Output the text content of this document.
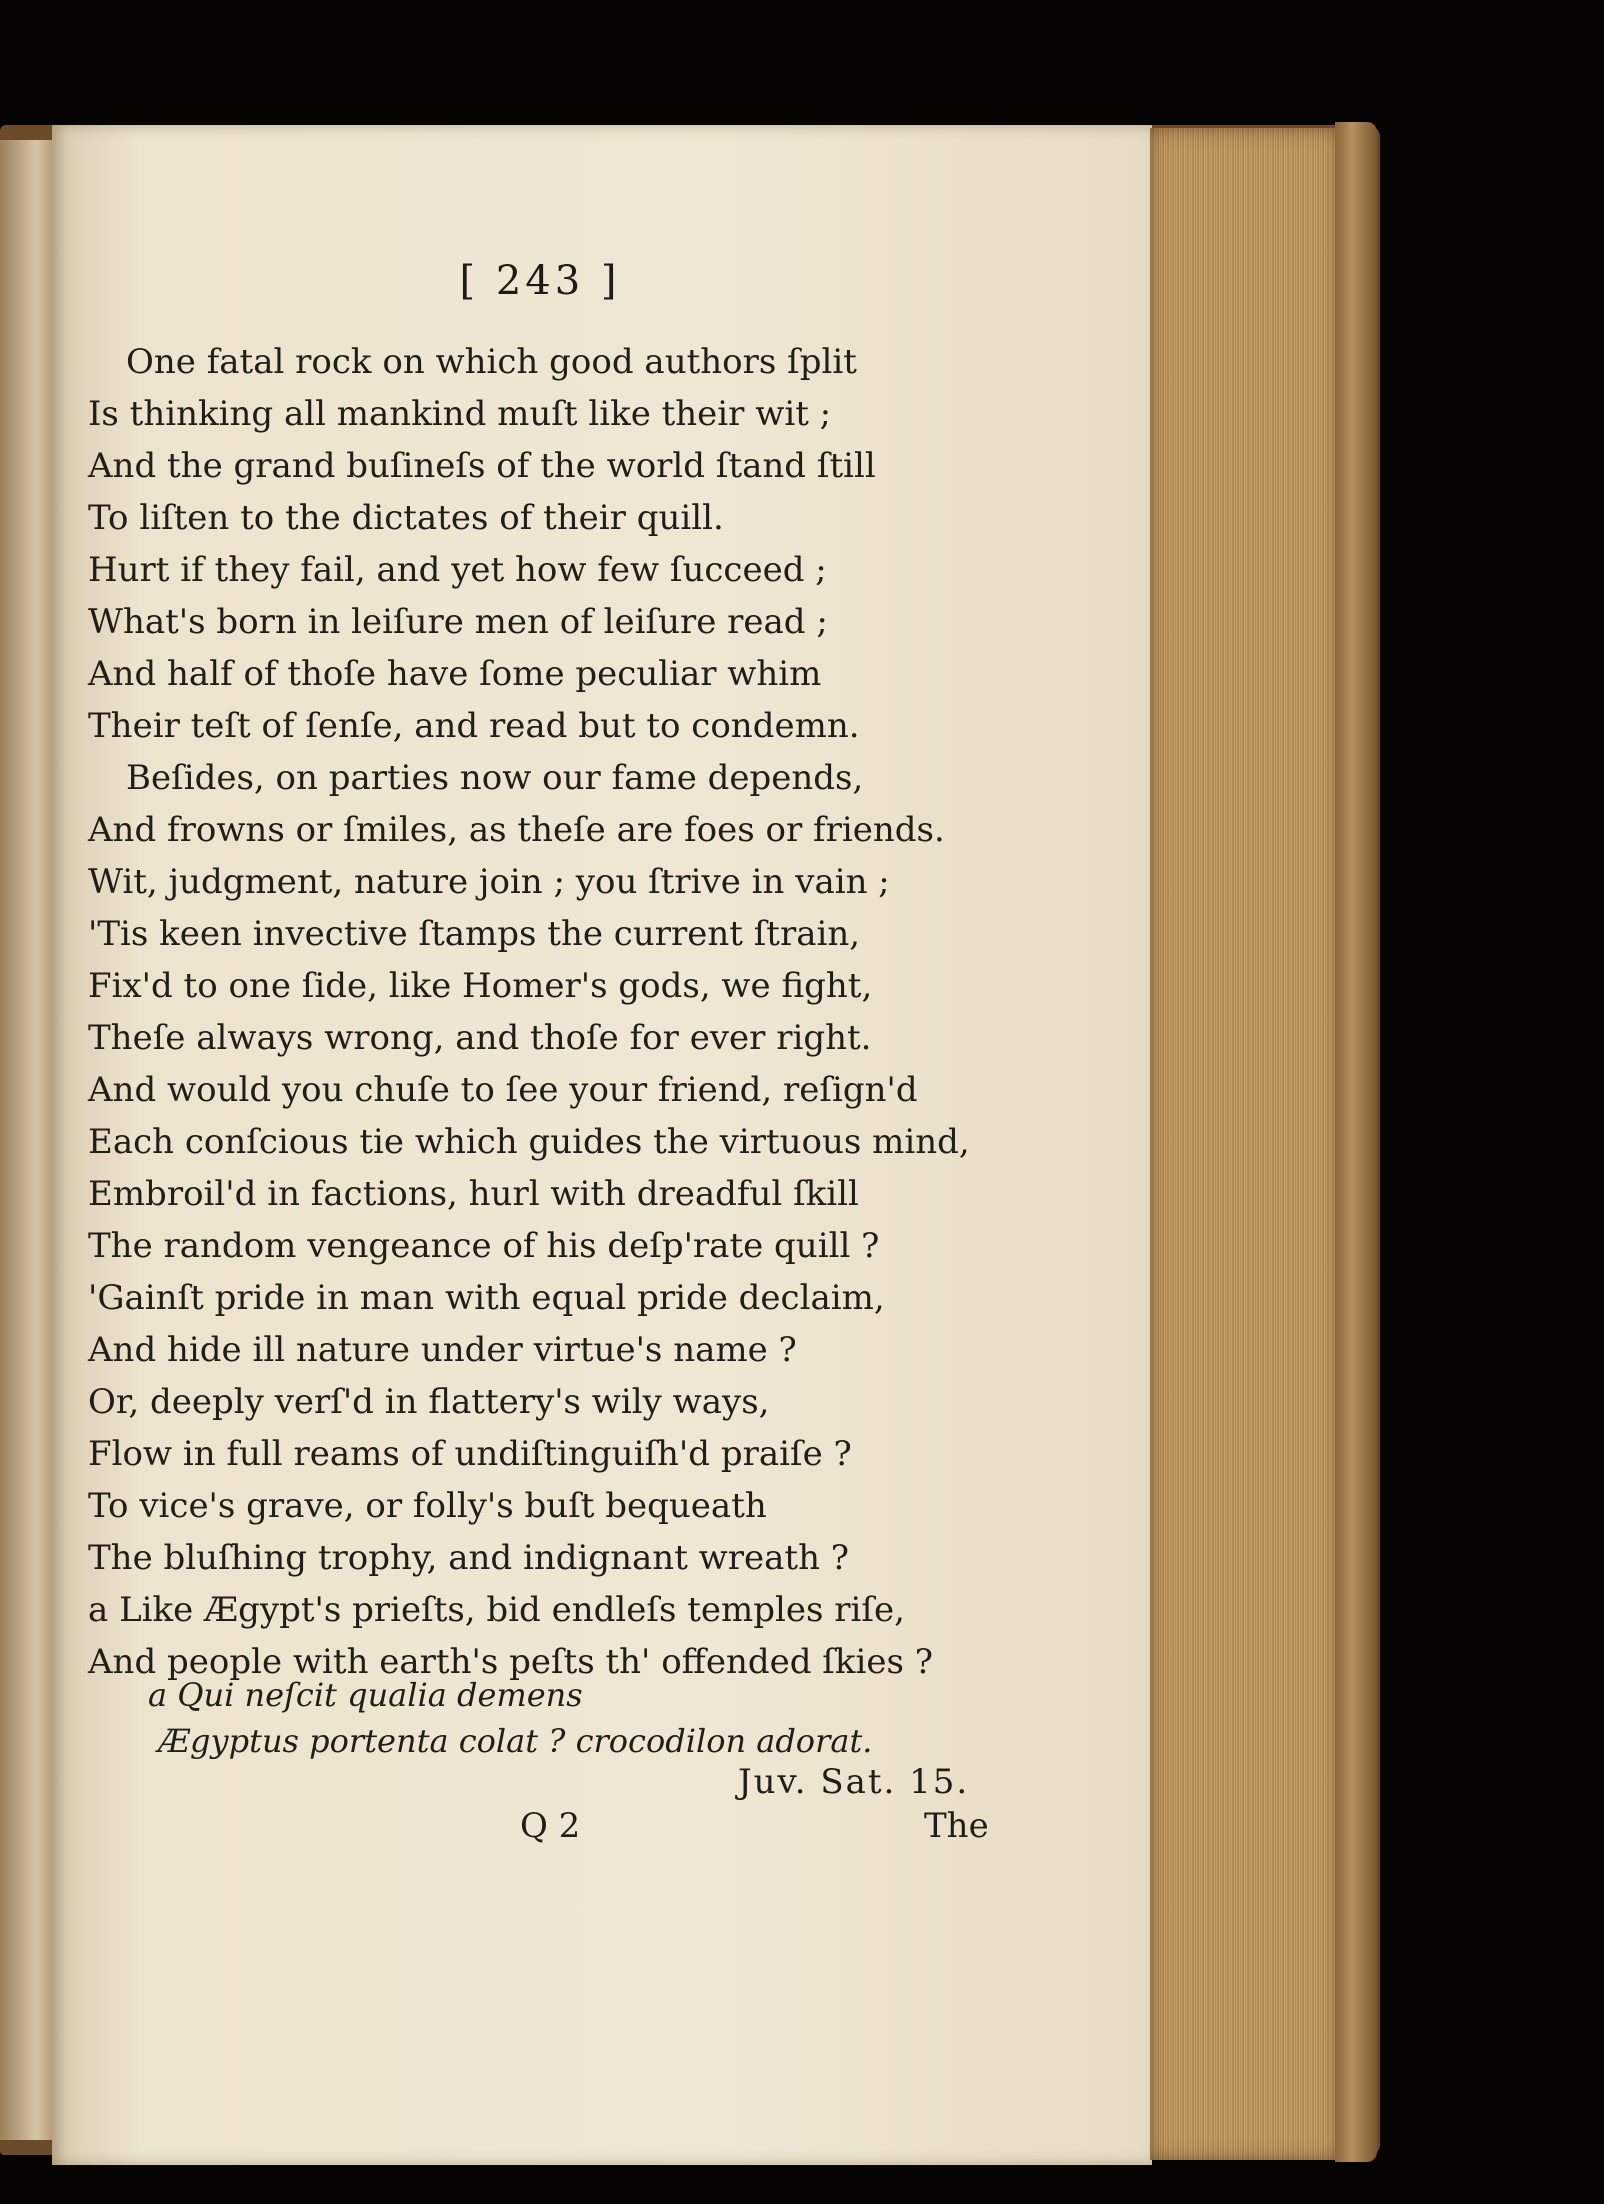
[ 243 ]
One fatal rock on which good authors ſplit
Is thinking all mankind muſt like their wit ;
And the grand buſineſs of the world ſtand ſtill
To liſten to the dictates of their quill.
Hurt if they fail, and yet how few ſucceed ;
What's born in leiſure men of leiſure read ;
And half of thoſe have ſome peculiar whim
Their teſt of ſenſe, and read but to condemn.
Beſides, on parties now our fame depends,
And frowns or ſmiles, as theſe are foes or friends.
Wit, judgment, nature join ; you ſtrive in vain ;
'Tis keen invective ſtamps the current ſtrain,
Fix'd to one ſide, like Homer's gods, we fight,
Theſe always wrong, and thoſe for ever right.
And would you chuſe to ſee your friend, reſign'd
Each conſcious tie which guides the virtuous mind,
Embroil'd in factions, hurl with dreadful ſkill
The random vengeance of his deſp'rate quill ?
'Gainſt pride in man with equal pride declaim,
And hide ill nature under virtue's name ?
Or, deeply verſ'd in flattery's wily ways,
Flow in full reams of undiſtinguiſh'd praiſe ?
To vice's grave, or folly's buſt bequeath
The bluſhing trophy, and indignant wreath ?
a Like Ægypt's prieſts, bid endleſs temples riſe,
And people with earth's peſts th' offended ſkies ?
a Qui neſcit qualia demens
Ægyptus portenta colat ? crocodilon adorat.
Juv. Sat. 15.
Q 2	The
